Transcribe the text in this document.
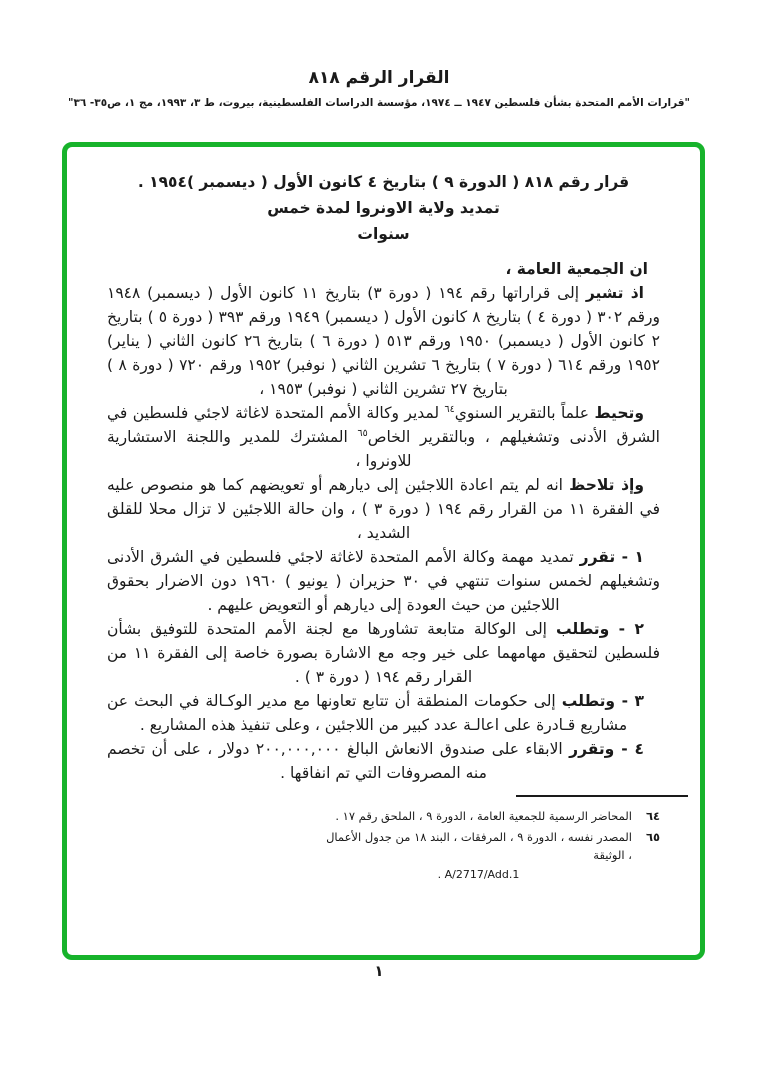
القرار الرقم ٨١٨

"قرارات الأمم المتحدة بشأن فلسطين ١٩٤٧ ــ ١٩٧٤، مؤسسة الدراسات الفلسطينية، بيروت، ط ٣، ١٩٩٣، مج ١، ص٣٥- ٣٦"

قرار رقم ٨١٨ ( الدورة ٩ ) بتاريخ ٤ كانون الأول ( ديسمبر )١٩٥٤ .
تمديد ولاية الاونروا لمدة خمس
سنوات

ان الجمعية العامة ،

اذ تشير إلى قراراتها رقم ١٩٤ ( دورة ٣) بتاريخ ١١ كانون الأول ( ديسمبر) ١٩٤٨ ورقم ٣٠٢ ( دورة ٤ ) بتاريخ ٨ كانون الأول ( ديسمبر) ١٩٤٩ ورقم ٣٩٣ ( دورة ٥ ) بتاريخ ٢ كانون الأول ( ديسمبر) ١٩٥٠ ورقم ٥١٣ ( دورة ٦ ) بتاريخ ٢٦ كانون الثاني ( يناير) ١٩٥٢ ورقم ٦١٤ ( دورة ٧ ) بتاريخ ٦ تشرين الثاني ( نوفبر) ١٩٥٢ ورقم ٧٢٠ ( دورة ٨ ) بتاريخ ٢٧ تشرين الثاني ( نوفبر) ١٩٥٣ ،

وتحيط علماً بالتقرير السنوي$^{٦٤}$ لمدير وكالة الأمم المتحدة لاغاثة لاجئي فلسطين في الشرق الأدنى وتشغيلهم ، وبالتقرير الخاص$^{٦٥}$ المشترك للمدير واللجنة الاستشارية للاونروا ،

وإذ تلاحظ انه لم يتم اعادة اللاجئين إلى ديارهم أو تعويضهم كما هو منصوص عليه في الفقرة ١١ من القرار رقم ١٩٤ ( دورة ٣ ) ، وان حالة اللاجئين لا تزال محلا للقلق الشديد ،

١ - تقرر تمديد مهمة وكالة الأمم المتحدة لاغاثة لاجئي فلسطين في الشرق الأدنى وتشغيلهم لخمس سنوات تنتهي في ٣٠ حزيران ( يونيو ) ١٩٦٠ دون الاضرار بحقوق اللاجئين من حيث العودة إلى ديارهم أو التعويض عليهم .

٢ - وتطلب إلى الوكالة متابعة تشاورها مع لجنة الأمم المتحدة للتوفيق بشأن فلسطين لتحقيق مهامهما على خير وجه مع الاشارة بصورة خاصة إلى الفقرة ١١ من القرار رقم ١٩٤ ( دورة ٣ ) .

٣ - وتطلب إلى حكومات المنطقة أن تتابع تعاونها مع مدير الوكـالة في البحث عن مشاريع قـادرة على اعالـة عدد كبير من اللاجئين ، وعلى تنفيذ هذه المشاريع .

٤ - وتقرر الابقاء على صندوق الانعاش البالغ ٢٠٠,٠٠٠,٠٠٠ دولار ، على أن تخصم منه المصروفات التي تم انفاقها .

٦٤
المحاضر الرسمية للجمعية العامة ، الدورة ٩ ، الملحق رقم ١٧ .
٦٥
المصدر نفسه ، الدورة ٩ ، المرفقات ، البند ١٨ من جدول الأعمال ، الوثيقة
A/2717/Add.1 .
١
